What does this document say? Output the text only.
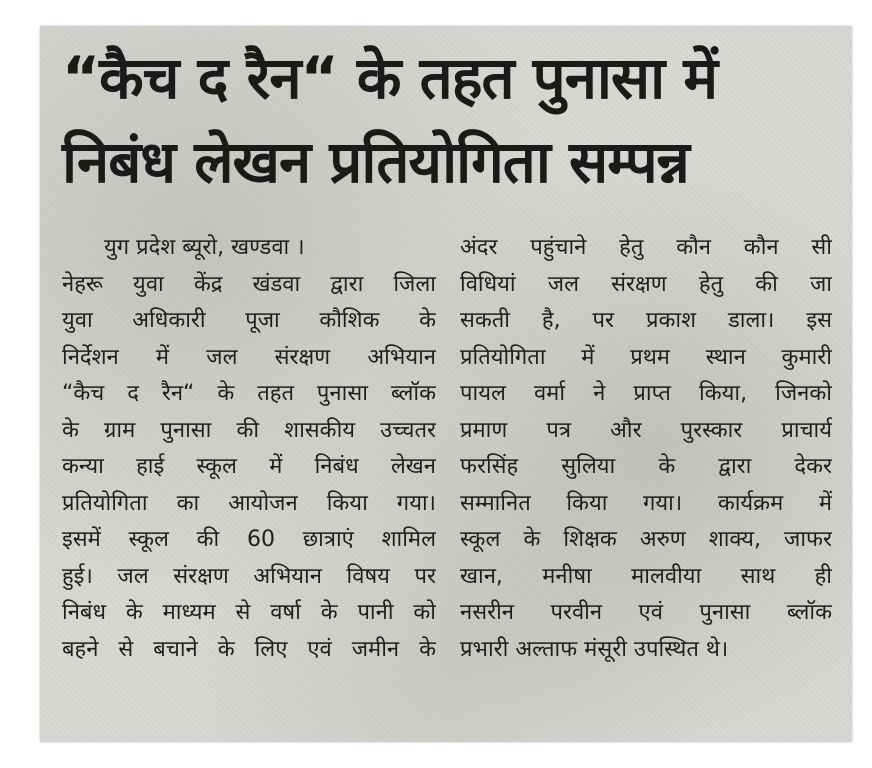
“कैच द रैन“ के तहत पुनासा में
निबंध लेखन प्रतियोगिता सम्पन्न
युग प्रदेश ब्यूरो, खण्डवा ।
नेहरू युवा केंद्र खंडवा द्वारा जिला
युवा अधिकारी पूजा कौशिक के
निर्देशन में जल संरक्षण अभियान
“कैच द रैन“ के तहत पुनासा ब्लॉक
के ग्राम पुनासा की शासकीय उच्चतर
कन्या हाई स्कूल में निबंध लेखन
प्रतियोगिता का आयोजन किया गया।
इसमें स्कूल की 60 छात्राएं शामिल
हुई। जल संरक्षण अभियान विषय पर
निबंध के माध्यम से वर्षा के पानी को
बहने से बचाने के लिए एवं जमीन के
अंदर पहुंचाने हेतु कौन कौन सी
विधियां जल संरक्षण हेतु की जा
सकती है, पर प्रकाश डाला। इस
प्रतियोगिता में प्रथम स्थान कुमारी
पायल वर्मा ने प्राप्त किया, जिनको
प्रमाण पत्र और पुरस्कार प्राचार्य
फरसिंह सुलिया के द्वारा देकर
सम्मानित किया गया। कार्यक्रम में
स्कूल के शिक्षक अरुण शाक्य, जाफर
खान, मनीषा मालवीया साथ ही
नसरीन परवीन एवं पुनासा ब्लॉक
प्रभारी अल्ताफ मंसूरी उपस्थित थे।
